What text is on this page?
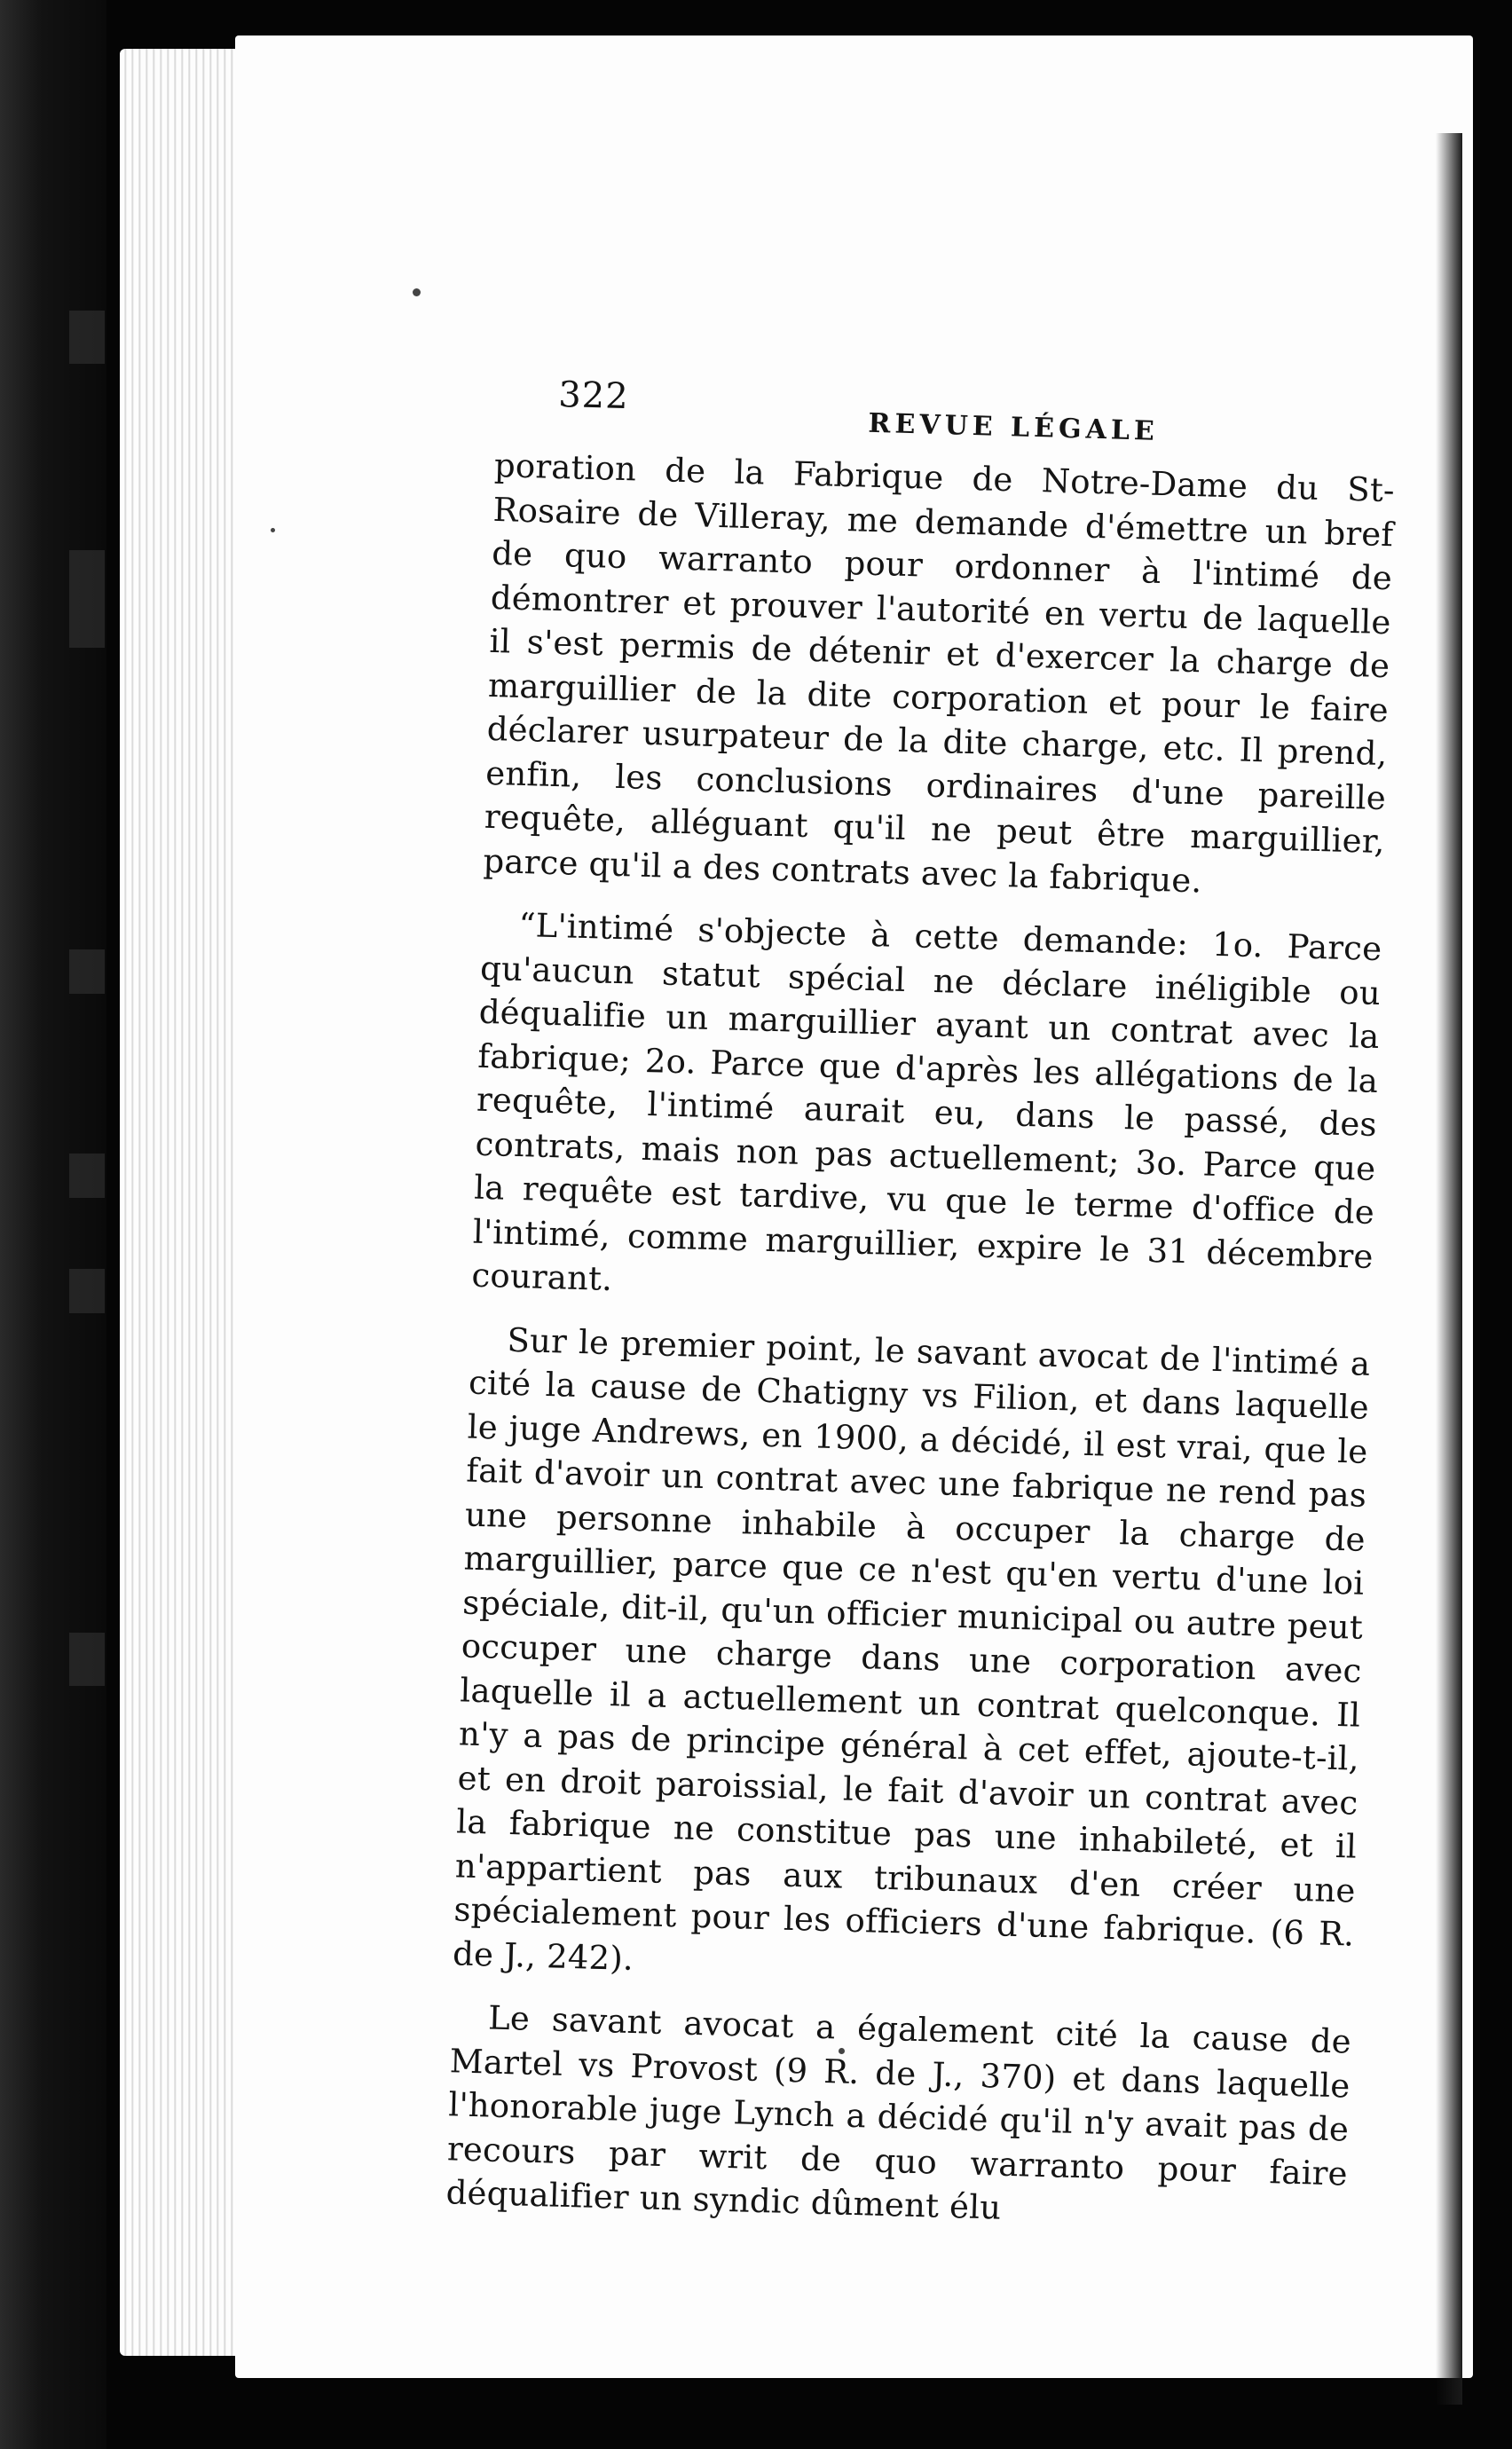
322
REVUE LÉGALE

poration de la Fabrique de Notre-Dame du St-Rosaire de Villeray, me demande d'émettre un bref de quo warranto pour ordonner à l'intimé de démontrer et prouver l'autorité en vertu de laquelle il s'est permis de détenir et d'exercer la charge de marguillier de la dite corporation et pour le faire déclarer usurpateur de la dite charge, etc. Il prend, enfin, les conclusions ordinaires d'une pareille requête, alléguant qu'il ne peut être marguillier, parce qu'il a des contrats avec la fabrique.

“L'intimé s'objecte à cette demande: 1o. Parce qu'aucun statut spécial ne déclare inéligible ou déqualifie un marguillier ayant un contrat avec la fabrique; 2o. Parce que d'après les allégations de la requête, l'intimé aurait eu, dans le passé, des contrats, mais non pas actuellement; 3o. Parce que la requête est tardive, vu que le terme d'office de l'intimé, comme marguillier, expire le 31 décembre courant.

Sur le premier point, le savant avocat de l'intimé a cité la cause de Chatigny vs Filion, et dans laquelle le juge Andrews, en 1900, a décidé, il est vrai, que le fait d'avoir un contrat avec une fabrique ne rend pas une personne inhabile à occuper la charge de marguillier, parce que ce n'est qu'en vertu d'une loi spéciale, dit-il, qu'un officier municipal ou autre peut occuper une charge dans une corporation avec laquelle il a actuellement un contrat quelconque. Il n'y a pas de principe général à cet effet, ajoute-t-il, et en droit paroissial, le fait d'avoir un contrat avec la fabrique ne constitue pas une inhabileté, et il n'appartient pas aux tribunaux d'en créer une spécialement pour les officiers d'une fabrique. (6 R. de J., 242).

Le savant avocat a également cité la cause de Martel vs Provost (9 R. de J., 370) et dans laquelle l'honorable juge Lynch a décidé qu'il n'y avait pas de recours par writ de quo warranto pour faire déqualifier un syndic dûment élu
